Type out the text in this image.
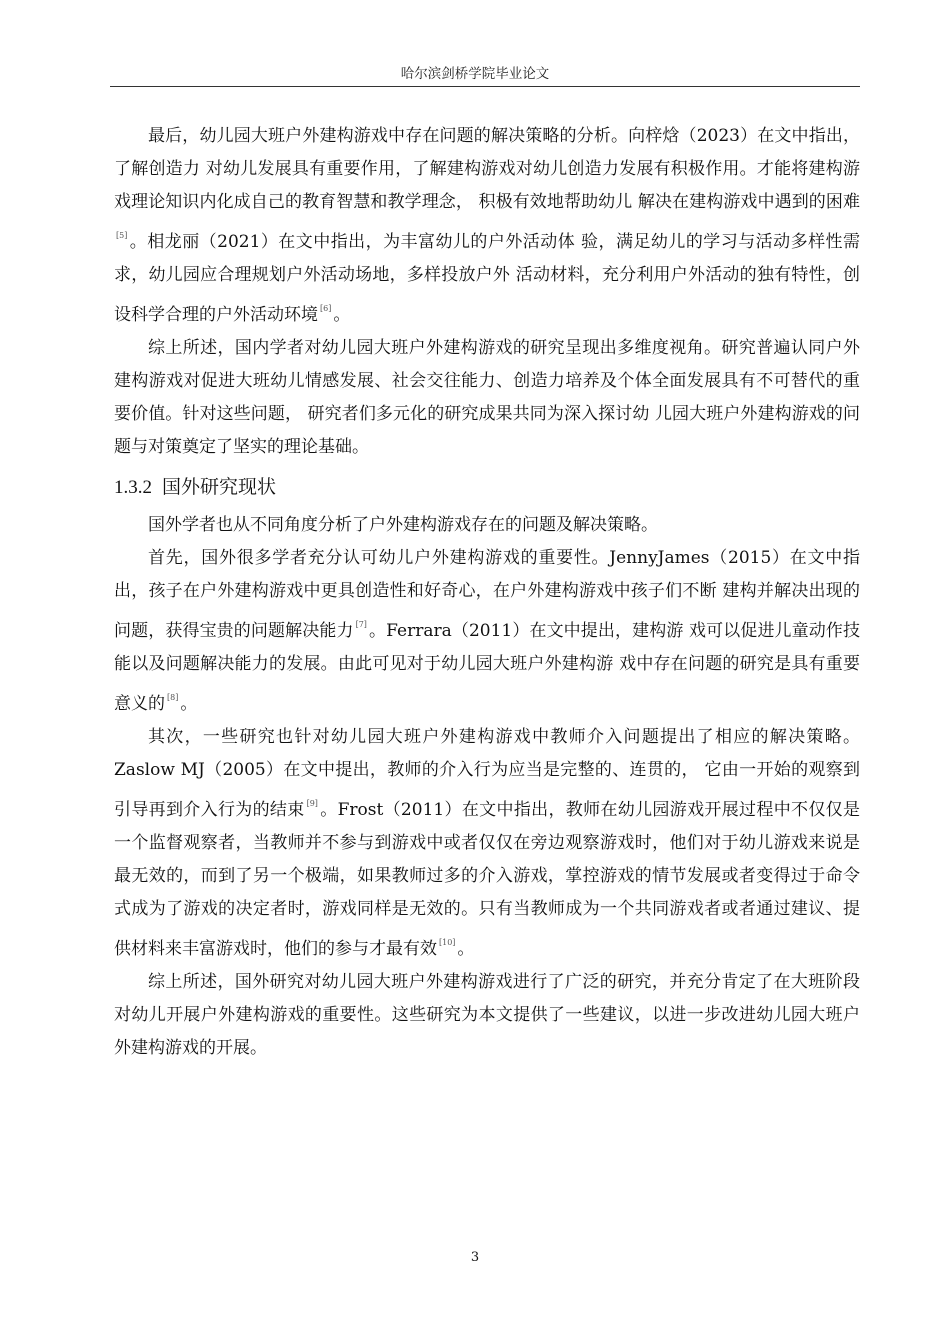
哈尔滨剑桥学院毕业论文

最后，幼儿园大班户外建构游戏中存在问题的解决策略的分析。向梓焓（2023）在文中指出，了解创造力 对幼儿发展具有重要作用，了解建构游戏对幼儿创造力发展有积极作用。才能将建构游戏理论知识内化成自己的教育智慧和教学理念， 积极有效地帮助幼儿 解决在建构游戏中遇到的困难[5] 。相龙丽（2021）在文中指出，为丰富幼儿的户外活动体 验，满足幼儿的学习与活动多样性需求，幼儿园应合理规划户外活动场地，多样投放户外 活动材料，充分利用户外活动的独有特性，创设科学合理的户外活动环境 [6] 。

综上所述，国内学者对幼儿园大班户外建构游戏的研究呈现出多维度视角。研究普遍认同户外建构游戏对促进大班幼儿情感发展、社会交往能力、创造力培养及个体全面发展具有不可替代的重要价值。针对这些问题， 研究者们多元化的研究成果共同为深入探讨幼 儿园大班户外建构游戏的问题与对策奠定了坚实的理论基础。

1.3.2 国外研究现状

国外学者也从不同角度分析了户外建构游戏存在的问题及解决策略。

首先，国外很多学者充分认可幼儿户外建构游戏的重要性。JennyJames（2015）在文中指出，孩子在户外建构游戏中更具创造性和好奇心，在户外建构游戏中孩子们不断 建构并解决出现的问题，获得宝贵的问题解决能力 [7] 。Ferrara（2011）在文中提出，建构游 戏可以促进儿童动作技能以及问题解决能力的发展。由此可见对于幼儿园大班户外建构游 戏中存在问题的研究是具有重要意义的 [8] 。

其次，一些研究也针对幼儿园大班户外建构游戏中教师介入问题提出了相应的解决策略。Zaslow MJ（2005）在文中提出，教师的介入行为应当是完整的、连贯的， 它由一开始的观察到引导再到介入行为的结束 [9] 。Frost（2011）在文中指出，教师在幼儿园游戏开展过程中不仅仅是一个监督观察者，当教师并不参与到游戏中或者仅仅在旁边观察游戏时，他们对于幼儿游戏来说是最无效的，而到了另一个极端，如果教师过多的介入游戏，掌控游戏的情节发展或者变得过于命令式成为了游戏的决定者时，游戏同样是无效的。只有当教师成为一个共同游戏者或者通过建议、提供材料来丰富游戏时，他们的参与才最有效 [10] 。

综上所述，国外研究对幼儿园大班户外建构游戏进行了广泛的研究，并充分肯定了在大班阶段对幼儿开展户外建构游戏的重要性。这些研究为本文提供了一些建议，以进一步改进幼儿园大班户外建构游戏的开展。

3
